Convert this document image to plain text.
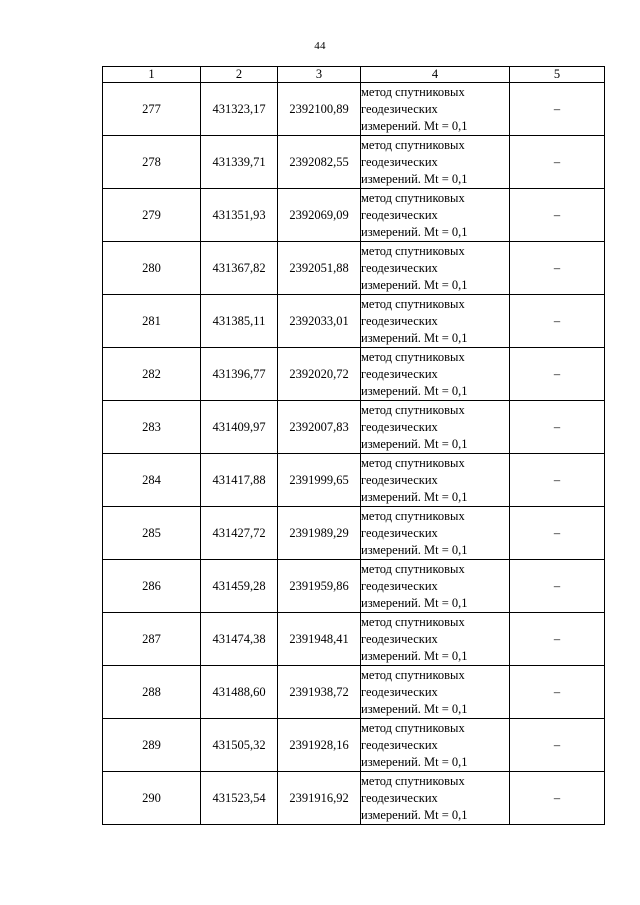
44
1	2	3	4	5
277	431323,17	2392100,89	метод спутниковых
геодезических
измерений. Mt = 0,1	–
278	431339,71	2392082,55	метод спутниковых
геодезических
измерений. Mt = 0,1	–
279	431351,93	2392069,09	метод спутниковых
геодезических
измерений. Mt = 0,1	–
280	431367,82	2392051,88	метод спутниковых
геодезических
измерений. Mt = 0,1	–
281	431385,11	2392033,01	метод спутниковых
геодезических
измерений. Mt = 0,1	–
282	431396,77	2392020,72	метод спутниковых
геодезических
измерений. Mt = 0,1	–
283	431409,97	2392007,83	метод спутниковых
геодезических
измерений. Mt = 0,1	–
284	431417,88	2391999,65	метод спутниковых
геодезических
измерений. Mt = 0,1	–
285	431427,72	2391989,29	метод спутниковых
геодезических
измерений. Mt = 0,1	–
286	431459,28	2391959,86	метод спутниковых
геодезических
измерений. Mt = 0,1	–
287	431474,38	2391948,41	метод спутниковых
геодезических
измерений. Mt = 0,1	–
288	431488,60	2391938,72	метод спутниковых
геодезических
измерений. Mt = 0,1	–
289	431505,32	2391928,16	метод спутниковых
геодезических
измерений. Mt = 0,1	–
290	431523,54	2391916,92	метод спутниковых
геодезических
измерений. Mt = 0,1	–
